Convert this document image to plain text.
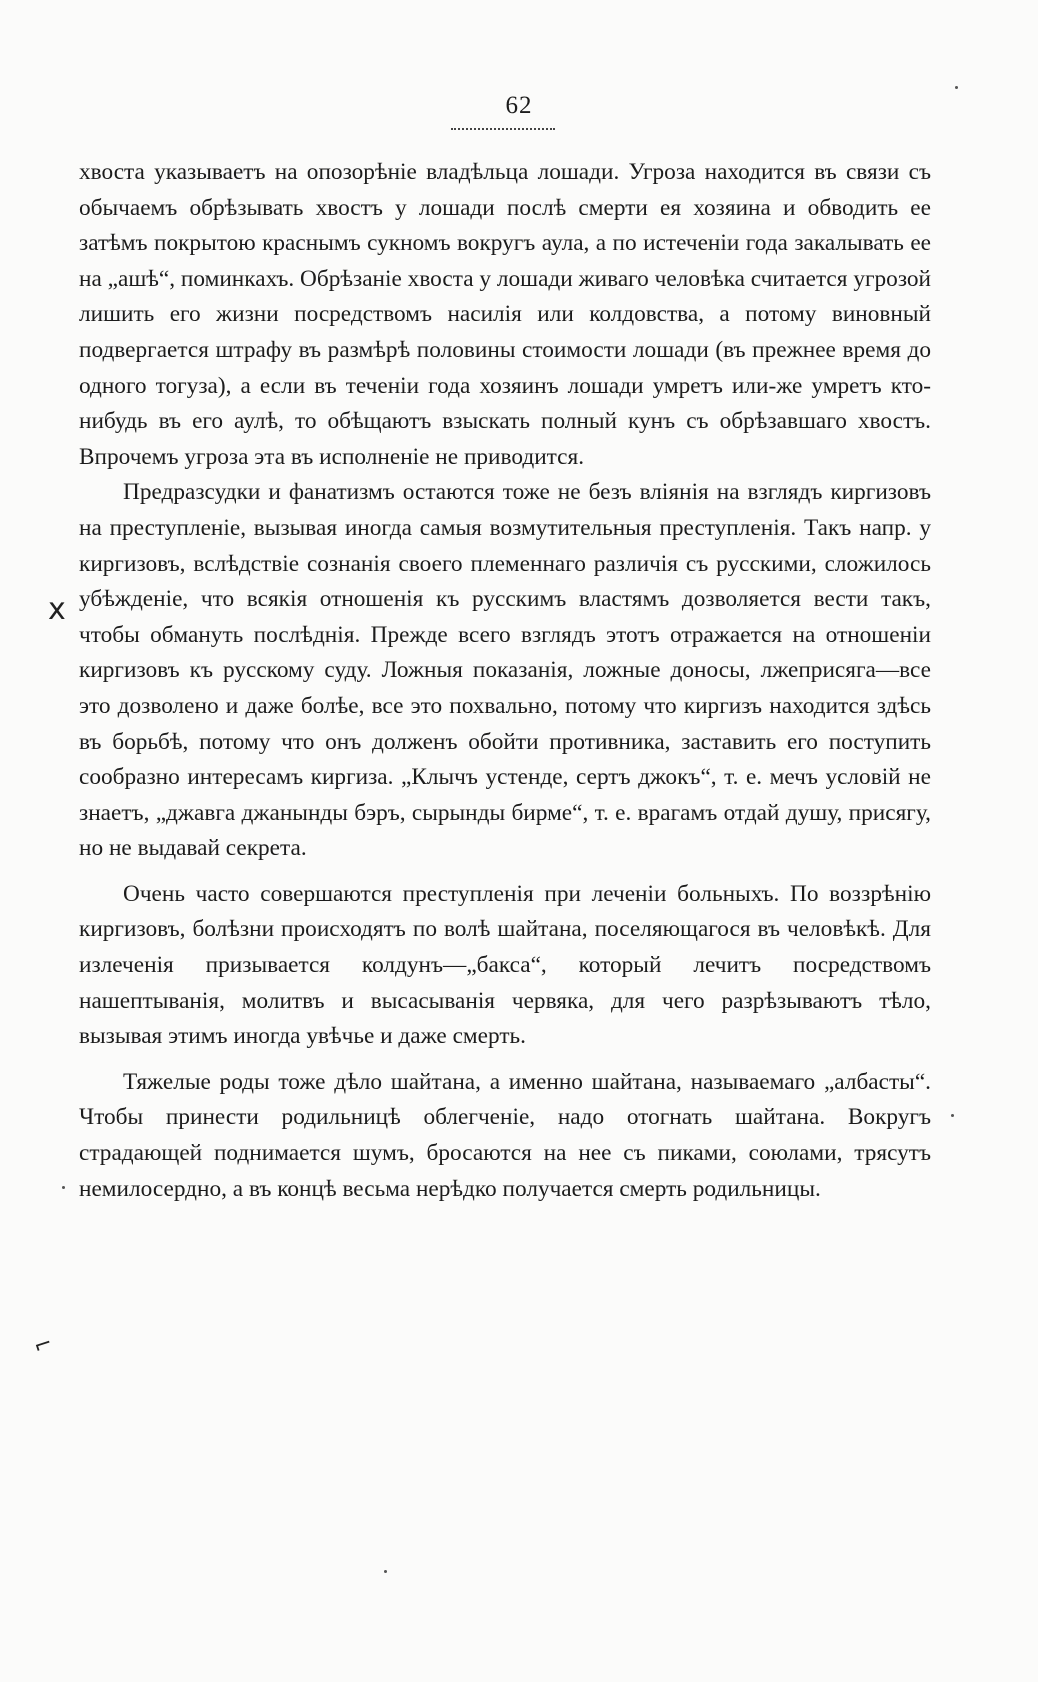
62
x
⌐

хвоста указываетъ на опозорѣніе владѣльца лошади. Угроза находится въ связи съ обычаемъ обрѣзывать хвостъ у лошади послѣ смерти ея хозяина и обводить ее затѣмъ покрытою краснымъ сукномъ вокругъ аула, а по истеченіи года закалывать ее на „ашѣ“, поминкахъ. Обрѣзаніе хвоста у лошади живаго человѣка считается угрозой лишить его жизни посредствомъ насилія или колдовства, а потому виновный подвергается штрафу въ размѣрѣ половины стоимости лошади (въ прежнее время до одного тогуза), а если въ теченіи года хозяинъ лошади умретъ или-же умретъ кто-нибудь въ его аулѣ, то обѣщаютъ взыскать полный кунъ съ обрѣзавшаго хвостъ. Впрочемъ угроза эта въ исполненіе не приводится.

Предразсудки и фанатизмъ остаются тоже не безъ вліянія на взглядъ киргизовъ на преступленіе, вызывая иногда самыя возмутительныя преступленія. Такъ напр. у киргизовъ, вслѣдствіе сознанія своего племеннаго различія съ русскими, сложилось убѣжденіе, что всякія отношенія къ русскимъ властямъ дозволяется вести такъ, чтобы обмануть послѣднія. Прежде всего взглядъ этотъ отражается на отношеніи киргизовъ къ русскому суду. Ложныя показанія, ложные доносы, лжеприсяга—все это дозволено и даже болѣе, все это похвально, потому что киргизъ находится здѣсь въ борьбѣ, потому что онъ долженъ обойти противника, заставить его поступить сообразно интересамъ киргиза. „Клычъ устенде, сертъ джокъ“, т. е. мечъ условій не знаетъ, „джавга джанынды бэръ, сырынды бирме“, т. е. врагамъ отдай душу, присягу, но не выдавай секрета.

Очень часто совершаются преступленія при леченіи больныхъ. По воззрѣнію киргизовъ, болѣзни происходятъ по волѣ шайтана, поселяющагося въ человѣкѣ. Для излеченія призывается колдунъ—„бакса“, который лечитъ посредствомъ нашептыванія, молитвъ и высасыванія червяка, для чего разрѣзываютъ тѣло, вызывая этимъ иногда увѣчье и даже смерть.

Тяжелые роды тоже дѣло шайтана, а именно шайтана, называемаго „албасты“. Чтобы принести родильницѣ облегченіе, надо отогнать шайтана. Вокругъ страдающей поднимается шумъ, бросаются на нее съ пиками, союлами, трясутъ немилосердно, а въ концѣ весьма нерѣдко получается смерть родильницы.
